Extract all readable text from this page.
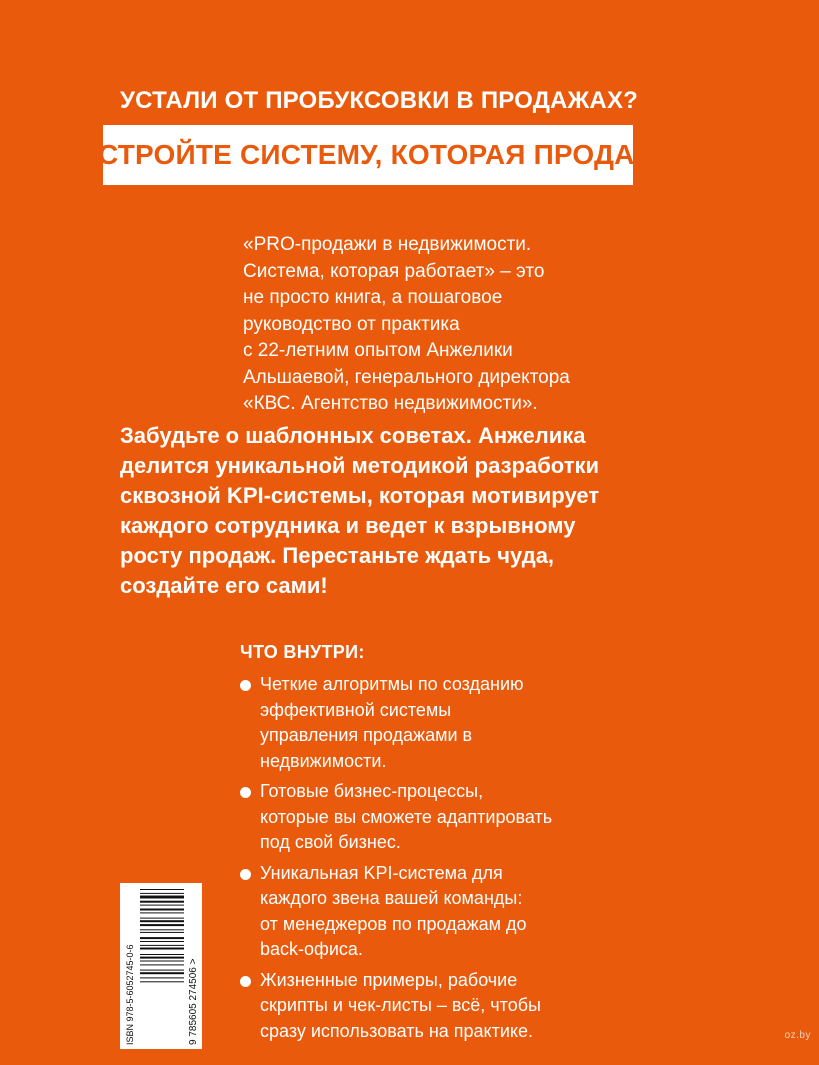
УСТАЛИ ОТ ПРОБУКСОВКИ В ПРОДАЖАХ?
ПОСТРОЙТЕ СИСТЕМУ, КОТОРАЯ ПРОДАЕТ!
«PRO-продажи в недвижимости.
Система, которая работает» – это
не просто книга, а пошаговое
руководство от практика
с 22-летним опытом Анжелики
Альшаевой, генерального директора
«КВС. Агентство недвижимости».
Забудьте о шаблонных советах. Анжелика
делится уникальной методикой разработки
сквозной KPI-системы, которая мотивирует
каждого сотрудника и ведет к взрывному
росту продаж. Перестаньте ждать чуда,
создайте его сами!
ЧТО ВНУТРИ:
Четкие алгоритмы по созданию
эффективной системы
управления продажами в
недвижимости.
Готовые бизнес-процессы,
которые вы сможете адаптировать
под свой бизнес.
Уникальная KPI-система для
каждого звена вашей команды:
от менеджеров по продажам до
back-офиса.
Жизненные примеры, рабочие
скрипты и чек-листы – всё, чтобы
сразу использовать на практике.
ISBN 978-5-6052745-0-6	9 785605 274506 >	oz.by
